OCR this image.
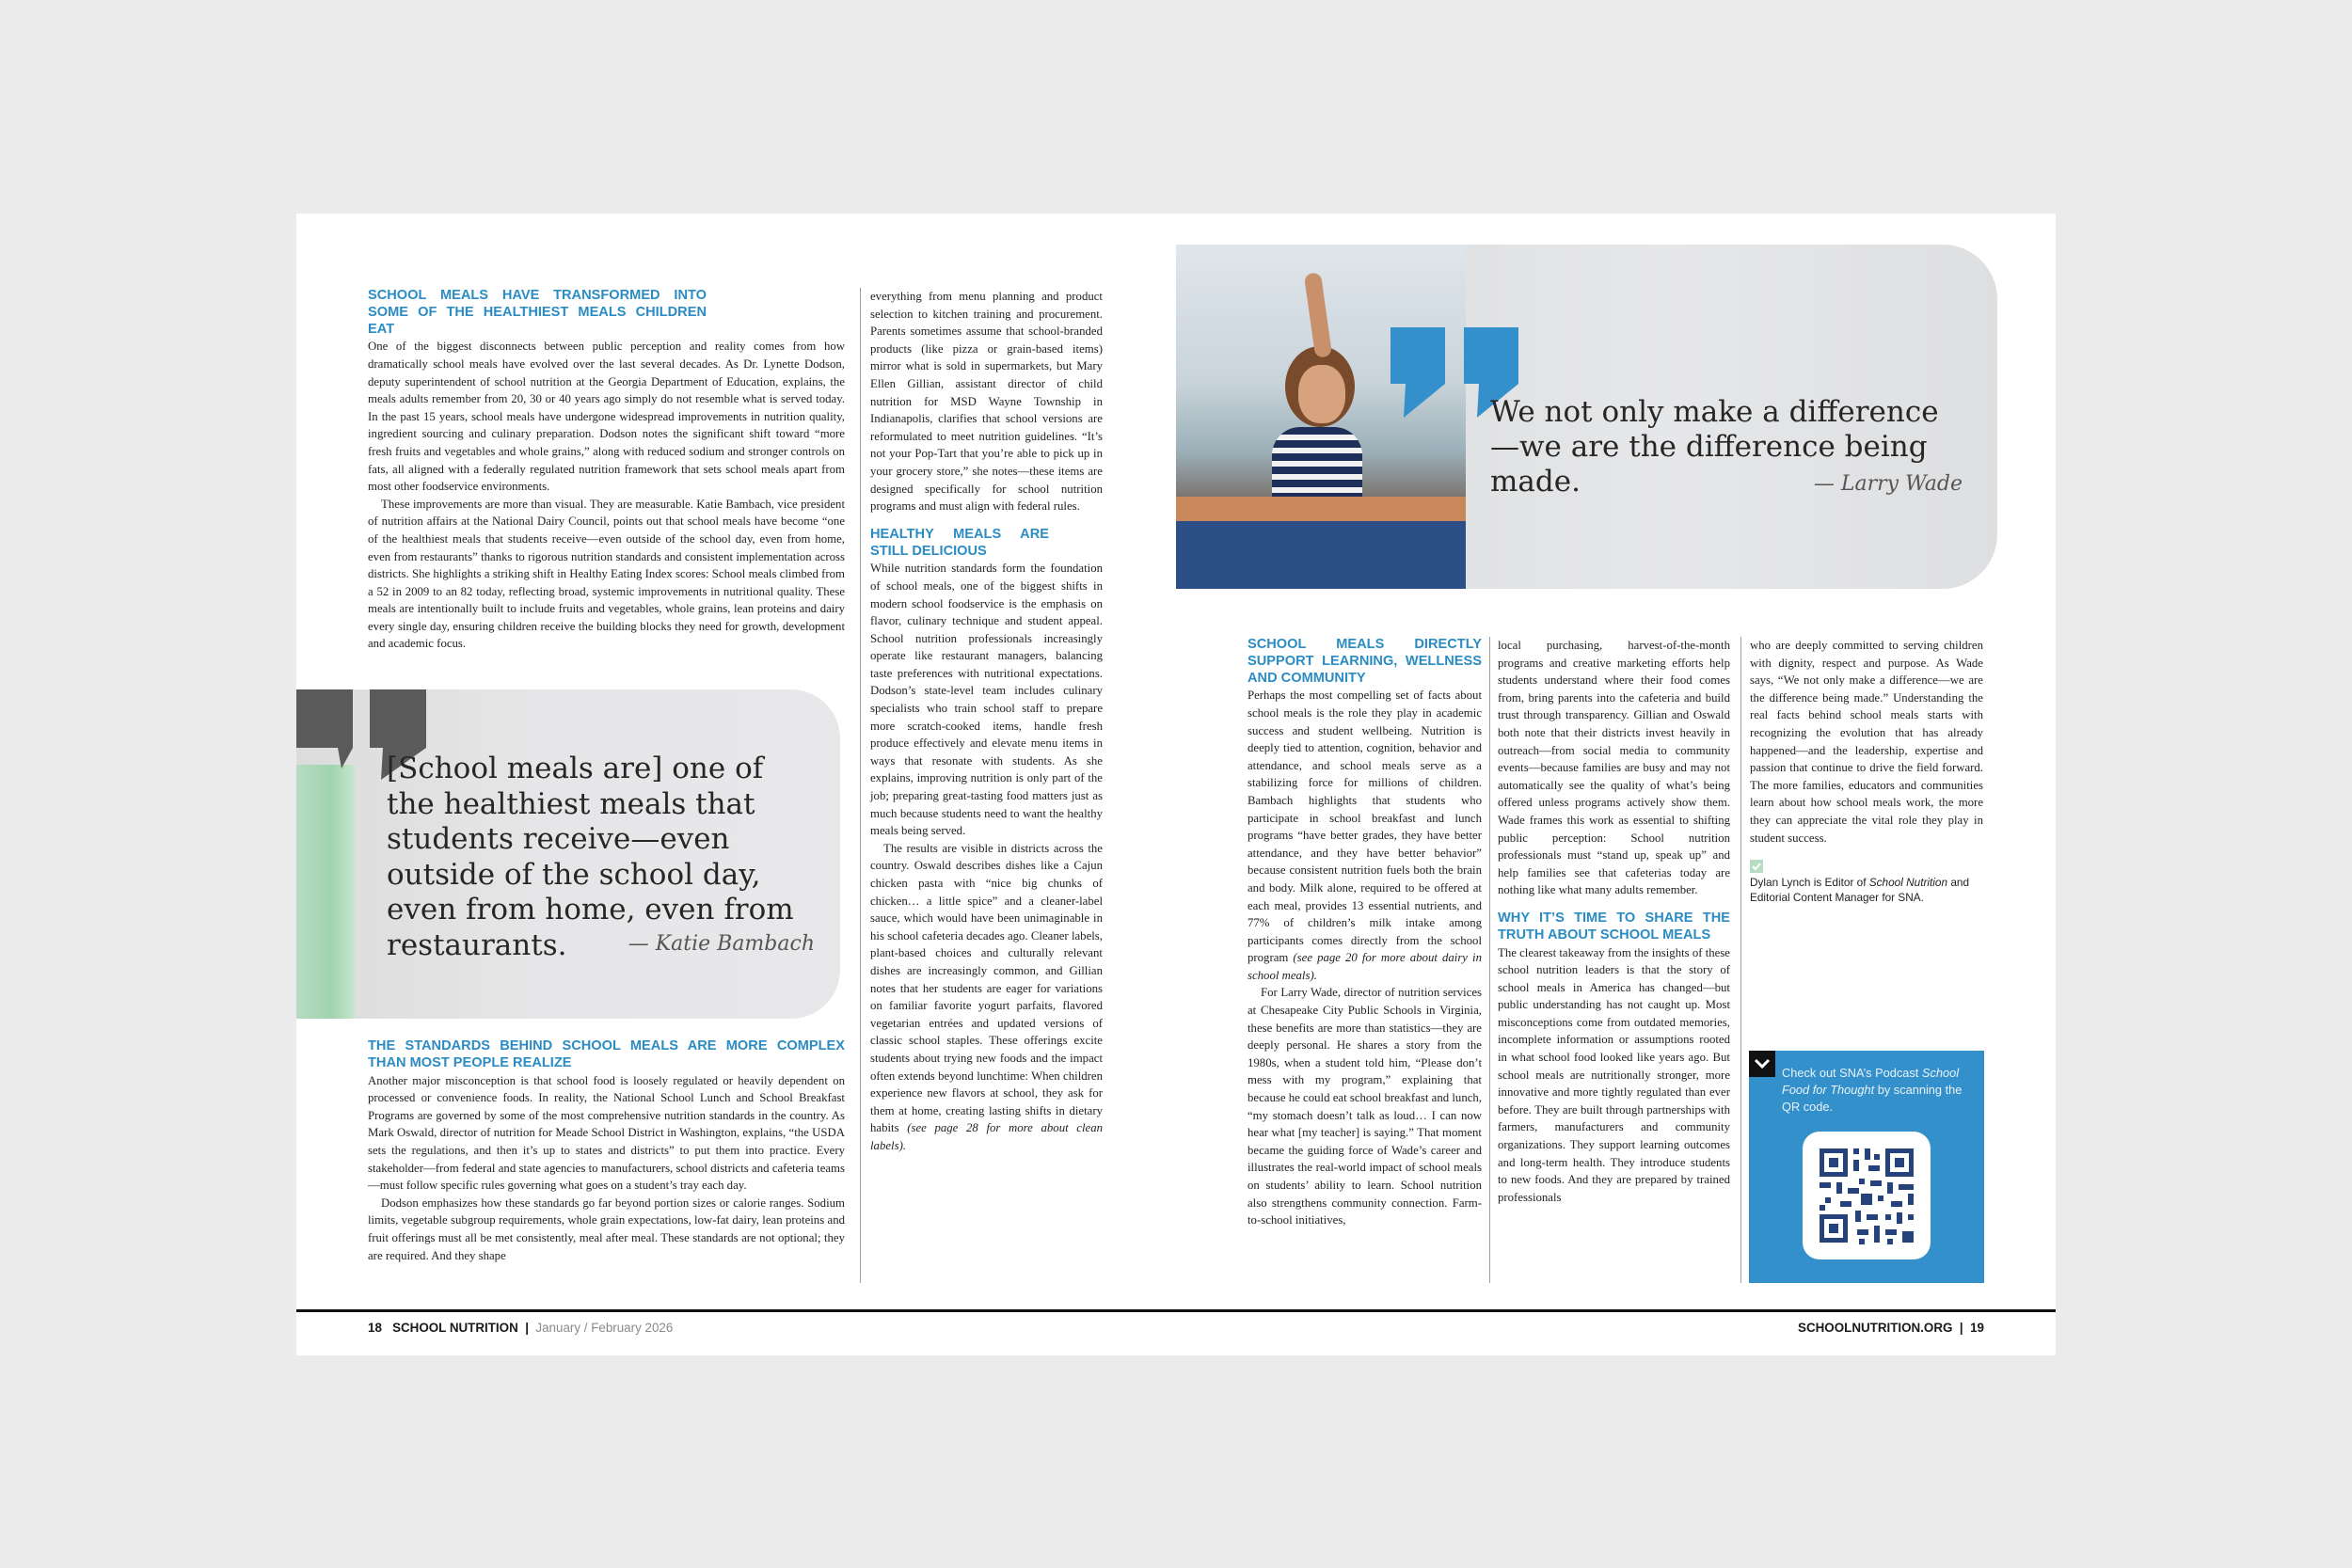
SCHOOL MEALS HAVE TRANSFORMED INTO SOME OF THE HEALTHIEST MEALS CHILDREN EAT

One of the biggest disconnects between public perception and reality comes from how dramatically school meals have evolved over the last several decades. As Dr. Lynette Dodson, deputy superintendent of school nutrition at the Georgia Department of Education, explains, the meals adults remember from 20, 30 or 40 years ago simply do not resemble what is served today. In the past 15 years, school meals have undergone widespread improvements in nutrition quality, ingredient sourcing and culinary preparation. Dodson notes the significant shift toward “more fresh fruits and vegetables and whole grains,” along with reduced sodium and stronger controls on fats, all aligned with a federally regulated nutrition framework that sets school meals apart from most other foodservice environments.

These improvements are more than visual. They are measurable. Katie Bambach, vice president of nutrition affairs at the National Dairy Council, points out that school meals have become “one of the healthiest meals that students receive—even outside of the school day, even from home, even from restaurants” thanks to rigorous nutrition standards and consistent implementation across districts. She highlights a striking shift in Healthy Eating Index scores: School meals climbed from a 52 in 2009 to an 82 today, reflecting broad, systemic improvements in nutritional quality. These meals are intentionally built to include fruits and vegetables, whole grains, lean proteins and dairy every single day, ensuring children receive the building blocks they need for growth, development and academic focus.

[School meals are] one of the healthiest meals that students receive—even outside of the school day, even from home, even from restaurants.	— Katie Bambach
THE STANDARDS BEHIND SCHOOL MEALS ARE MORE COMPLEX THAN MOST PEOPLE REALIZE

Another major misconception is that school food is loosely regulated or heavily dependent on processed or convenience foods. In reality, the National School Lunch and School Breakfast Programs are governed by some of the most comprehensive nutrition standards in the country. As Mark Oswald, director of nutrition for Meade School District in Washington, explains, “the USDA sets the regulations, and then it’s up to states and districts” to put them into practice. Every stakeholder—from federal and state agencies to manufacturers, school districts and cafeteria teams—must follow specific rules governing what goes on a student’s tray each day.

Dodson emphasizes how these standards go far beyond portion sizes or calorie ranges. Sodium limits, vegetable subgroup requirements, whole grain expectations, low-fat dairy, lean proteins and fruit offerings must all be met consistently, meal after meal. These standards are not optional; they are required. And they shape

everything from menu planning and product selection to kitchen training and procurement. Parents sometimes assume that school-branded products (like pizza or grain-based items) mirror what is sold in supermarkets, but Mary Ellen Gillian, assistant director of child nutrition for MSD Wayne Township in Indianapolis, clarifies that school versions are reformulated to meet nutrition guidelines. “It’s not your Pop-Tart that you’re able to pick up in your grocery store,” she notes—these items are designed specifically for school nutrition programs and must align with federal rules.

HEALTHY MEALS ARE STILL DELICIOUS

While nutrition standards form the foundation of school meals, one of the biggest shifts in modern school foodservice is the emphasis on flavor, culinary technique and student appeal. School nutrition professionals increasingly operate like restaurant managers, balancing taste preferences with nutritional expectations. Dodson’s state-level team includes culinary specialists who train school staff to prepare more scratch-cooked items, handle fresh produce effectively and elevate menu items in ways that resonate with students. As she explains, improving nutrition is only part of the job; preparing great-tasting food matters just as much because students need to want the healthy meals being served.

The results are visible in districts across the country. Oswald describes dishes like a Cajun chicken pasta with “nice big chunks of chicken… a little spice” and a cleaner-label sauce, which would have been unimaginable in his school cafeteria decades ago. Cleaner labels, plant-based choices and culturally relevant dishes are increasingly common, and Gillian notes that her students are eager for variations on familiar favorite yogurt parfaits, flavored vegetarian entrées and updated versions of classic school staples. These offerings excite students about trying new foods and the impact often extends beyond lunchtime: When children experience new flavors at school, they ask for them at home, creating lasting shifts in dietary habits (see page 28 for more about clean labels).

We not only make a difference
—we are the difference being made.	— Larry Wade
SCHOOL MEALS DIRECTLY SUPPORT LEARNING, WELLNESS AND COMMUNITY

Perhaps the most compelling set of facts about school meals is the role they play in academic success and student wellbeing. Nutrition is deeply tied to attention, cognition, behavior and attendance, and school meals serve as a stabilizing force for millions of children. Bambach highlights that students who participate in school breakfast and lunch programs “have better grades, they have better attendance, and they have better behavior” because consistent nutrition fuels both the brain and body. Milk alone, required to be offered at each meal, provides 13 essential nutrients, and 77% of children’s milk intake among participants comes directly from the school program (see page 20 for more about dairy in school meals).

For Larry Wade, director of nutrition services at Chesapeake City Public Schools in Virginia, these benefits are more than statistics—they are deeply personal. He shares a story from the 1980s, when a student told him, “Please don’t mess with my program,” explaining that because he could eat school breakfast and lunch, “my stomach doesn’t talk as loud… I can now hear what [my teacher] is saying.” That moment became the guiding force of Wade’s career and illustrates the real-world impact of school meals on students’ ability to learn. School nutrition also strengthens community connection. Farm-to-school initiatives,

local purchasing, harvest-of-the-month programs and creative marketing efforts help students understand where their food comes from, bring parents into the cafeteria and build trust through transparency. Gillian and Oswald both note that their districts invest heavily in outreach—from social media to community events—because families are busy and may not automatically see the quality of what’s being offered unless programs actively show them. Wade frames this work as essential to shifting public perception: School nutrition professionals must “stand up, speak up” and help families see that cafeterias today are nothing like what many adults remember.

WHY IT’S TIME TO SHARE THE TRUTH ABOUT SCHOOL MEALS

The clearest takeaway from the insights of these school nutrition leaders is that the story of school meals in America has changed—but public understanding has not caught up. Most misconceptions come from outdated memories, incomplete information or assumptions rooted in what school food looked like years ago. But school meals are nutritionally stronger, more innovative and more tightly regulated than ever before. They are built through partnerships with farmers, manufacturers and community organizations. They support learning outcomes and long-term health. They introduce students to new foods. And they are prepared by trained professionals

who are deeply committed to serving children with dignity, respect and purpose. As Wade says, “We not only make a difference—we are the difference being made.” Understanding the real facts behind school meals starts with recognizing the evolution that has already happened—and the leadership, expertise and passion that continue to drive the field forward. The more families, educators and communities learn about how school meals work, the more they can appreciate the vital role they play in student success.

Dylan Lynch is Editor of School Nutrition and Editorial Content Manager for SNA.
Check out SNA’s Podcast School Food for Thought by scanning the QR code.
18 SCHOOL NUTRITION | January / February 2026	SCHOOLNUTRITION.ORG | 19
